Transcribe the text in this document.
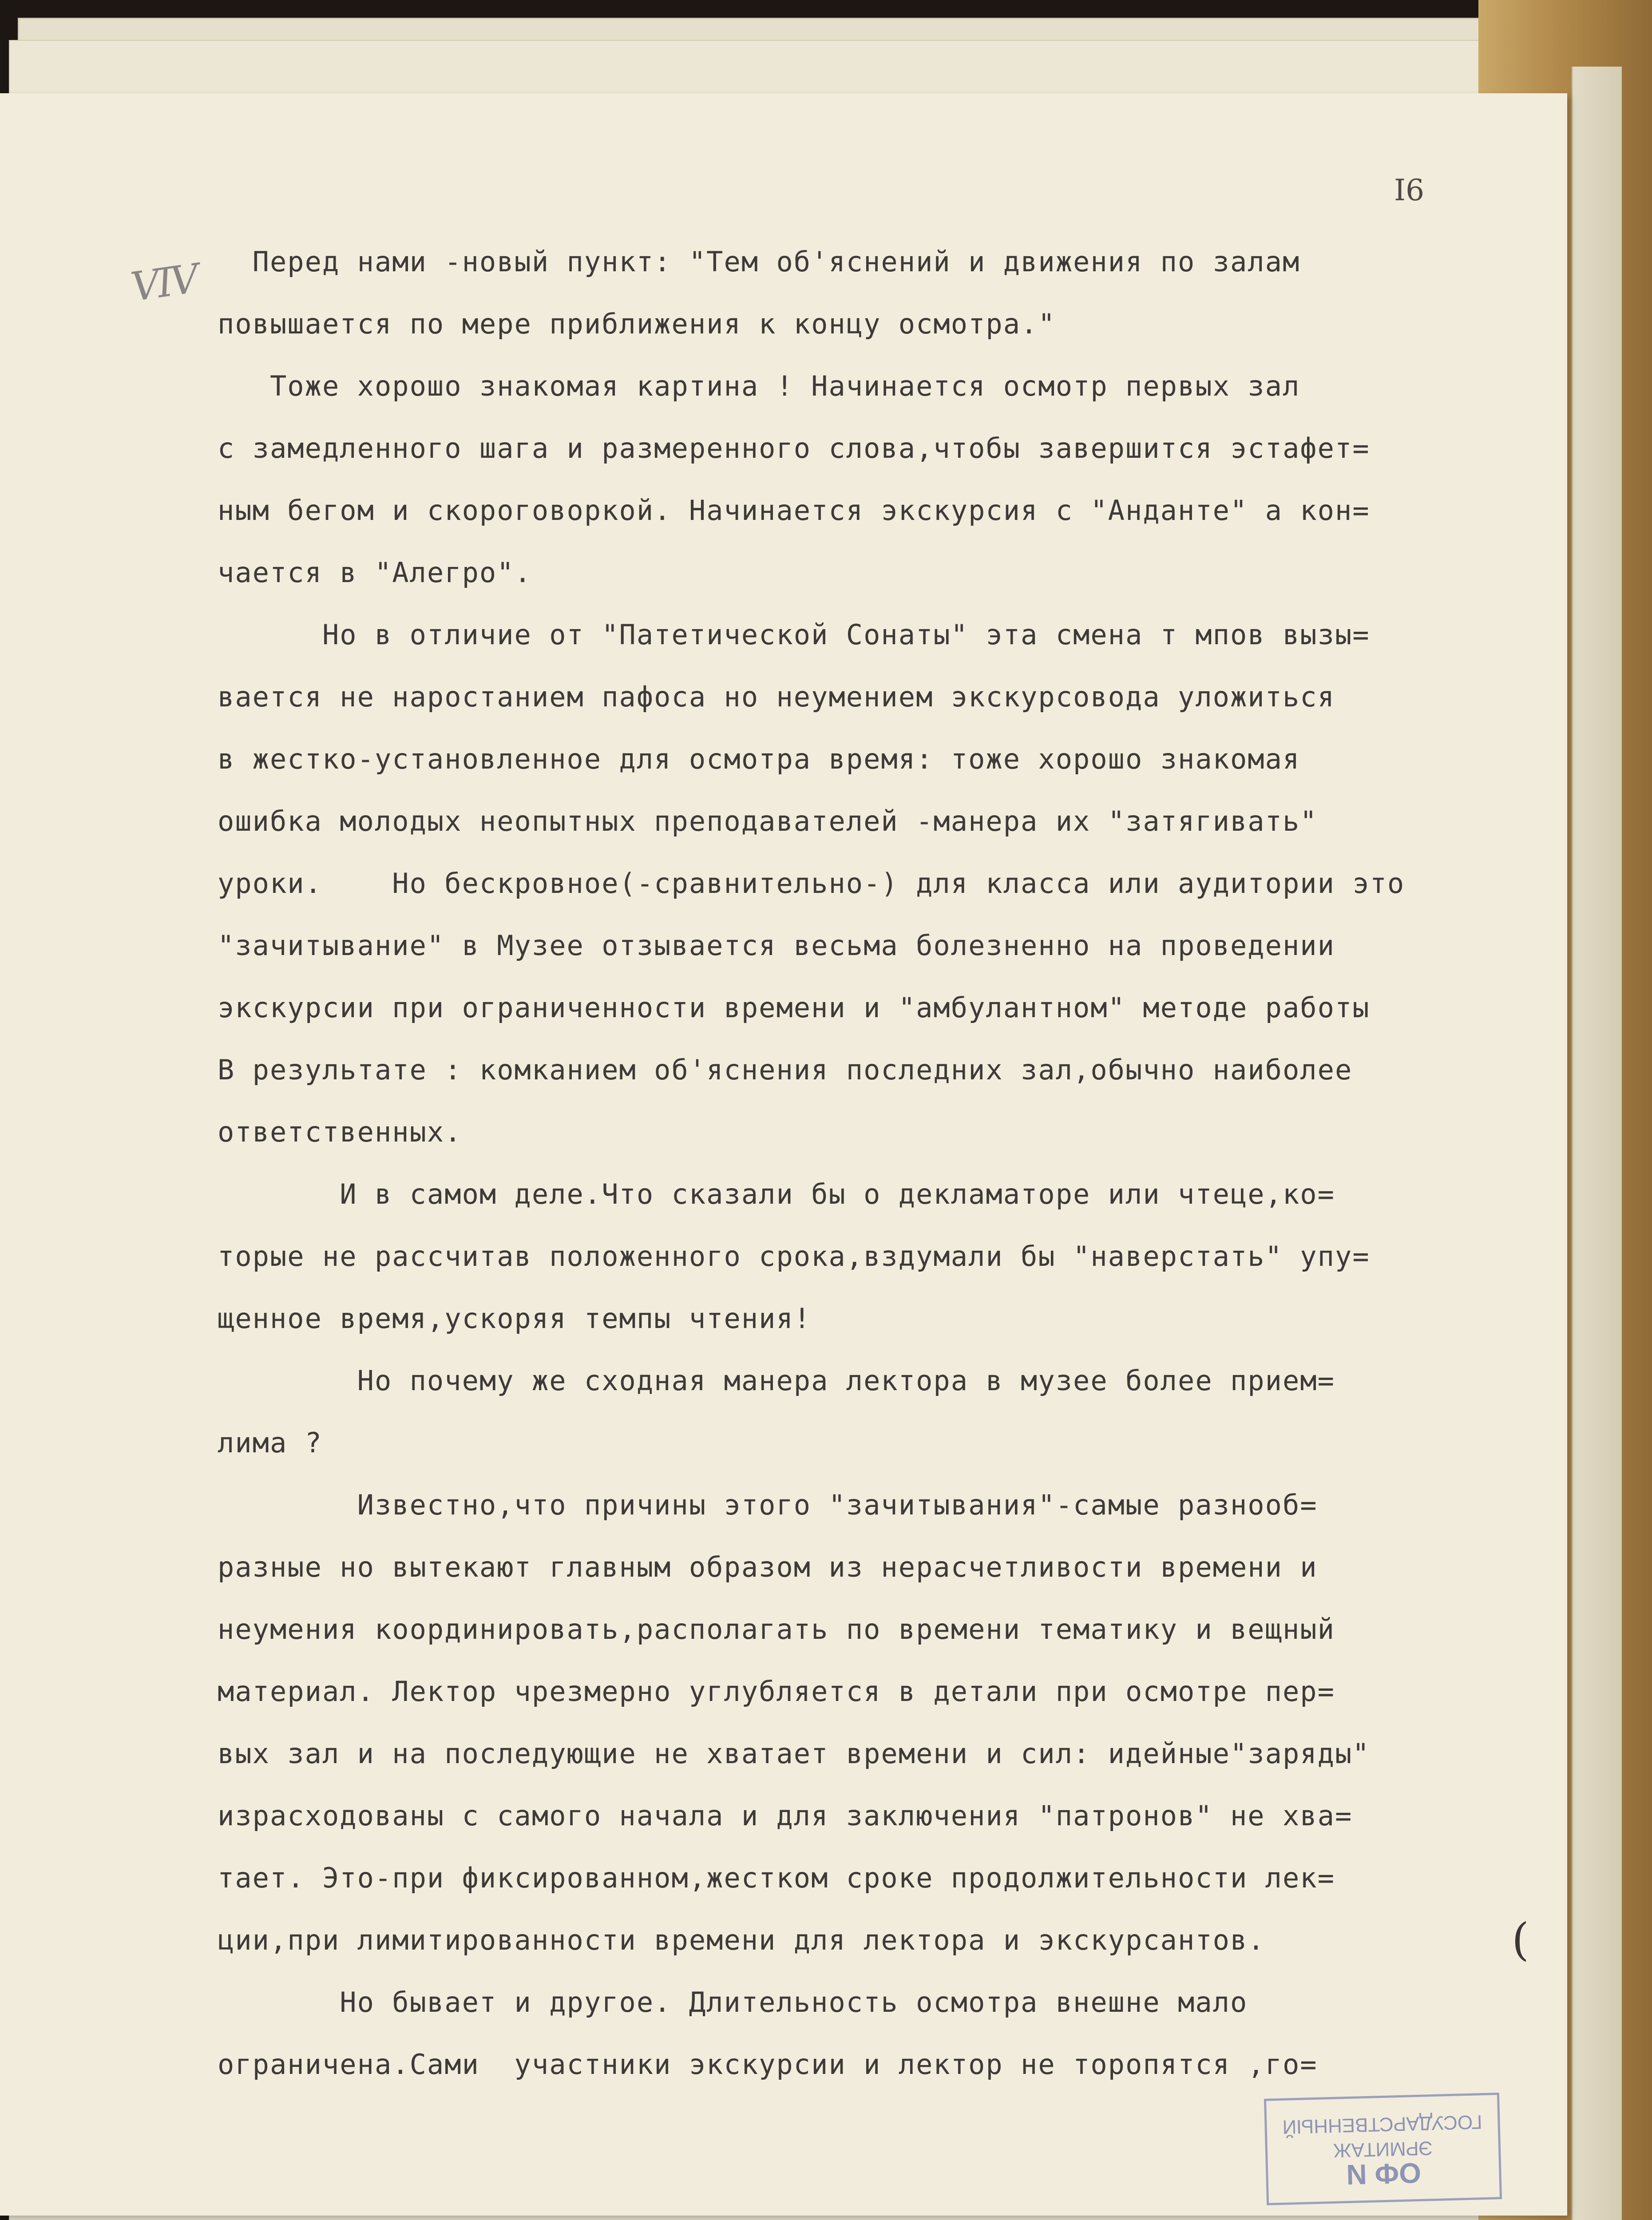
I6
VIV Перед нами -новый пункт: "Тем об'яснений и движения по залам
повышается по мере приближения к концу осмотра."
Тоже хорошо знакомая картина ! Начинается осмотр первых зал
с замедленного шага и размеренного слова,чтобы завершится эстафет=
ным бегом и скороговоркой. Начинается экскурсия с "Анданте" а кон=
чается в "Алегро".
Но в отличие от "Патетической Сонаты" эта смена т мпов вызы=
вается не наростанием пафоса но неумением экскурсовода уложиться
в жестко-установленное для осмотра время: тоже хорошо знакомая
ошибка молодых неопытных преподавателей -манера их "затягивать"
уроки.    Но бескровное(-сравнительно-) для класса или аудитории это
"зачитывание" в Музее отзывается весьма болезненно на проведении
экскурсии при ограниченности времени и "амбулантном" методе работы
В результате : комканием об'яснения последних зал,обычно наиболее
ответственных.
И в самом деле.Что сказали бы о декламаторе или чтеце,ко=
торые не рассчитав положенного срока,вздумали бы "наверстать" упу=
щенное время,ускоряя темпы чтения!
Но почему же сходная манера лектора в музее более прием=
лима ?
Известно,что причины этого "зачитывания"-самые разнооб=
разные но вытекают главным образом из нерасчетливости времени и
неумения координировать,располагать по времени тематику и вещный
материал. Лектор чрезмерно углубляется в детали при осмотре пер=
вых зал и на последующие не хватает времени и сил: идейные"заряды"
израсходованы с самого начала и для заключения "патронов" не хва=
тает. Это-при фиксированном,жестком сроке продолжительности лек=
ции,при лимитированности времени для лектора и экскурсантов.
Но бывает и другое. Длительность осмотра внешне мало
ограничена.Сами  участники экскурсии и лектор не торопятся ,го=
(
ГОСУДАРСТВЕННЫЙ
ЭРМИТАЖ
ОФ N
